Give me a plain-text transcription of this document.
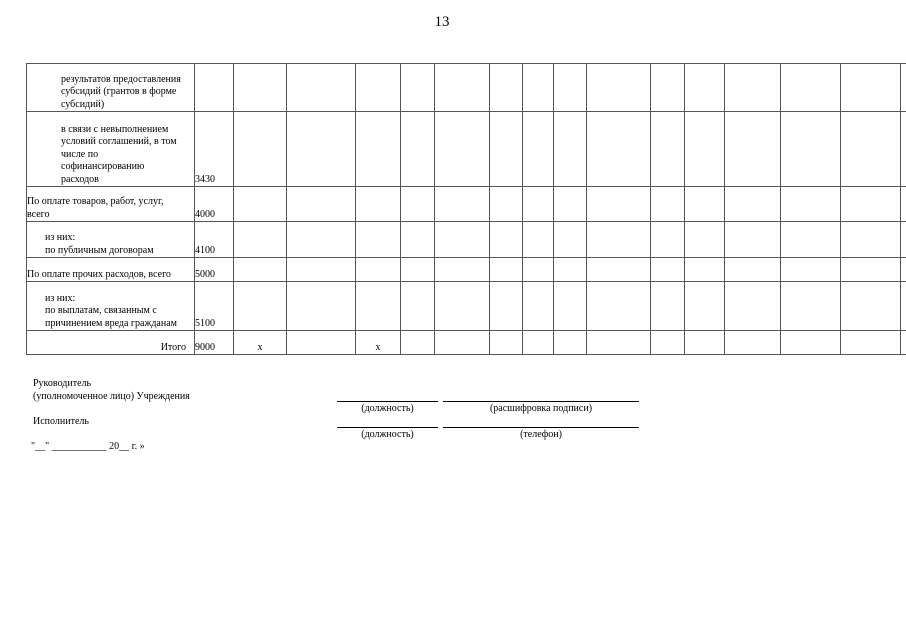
13
результатов предоставления
субсидий (грантов в форме
субсидий)																
в связи с невыполнением
условий соглашений, в том
числе по
софинансированию
расходов	3430															
По оплате товаров, работ, услуг,
всего	4000															
из них:
по публичным договорам	4100															
По оплате прочих расходов, всего	5000															
из них:
по выплатам, связанным с
причинением вреда гражданам	5100															
Итого	9000	x		x												
Руководитель
(уполномоченное лицо) Учреждения
(должность)	(расшифровка подписи)
Исполнитель
(должность)	(телефон)
"__" ___________ 20__ г. »
